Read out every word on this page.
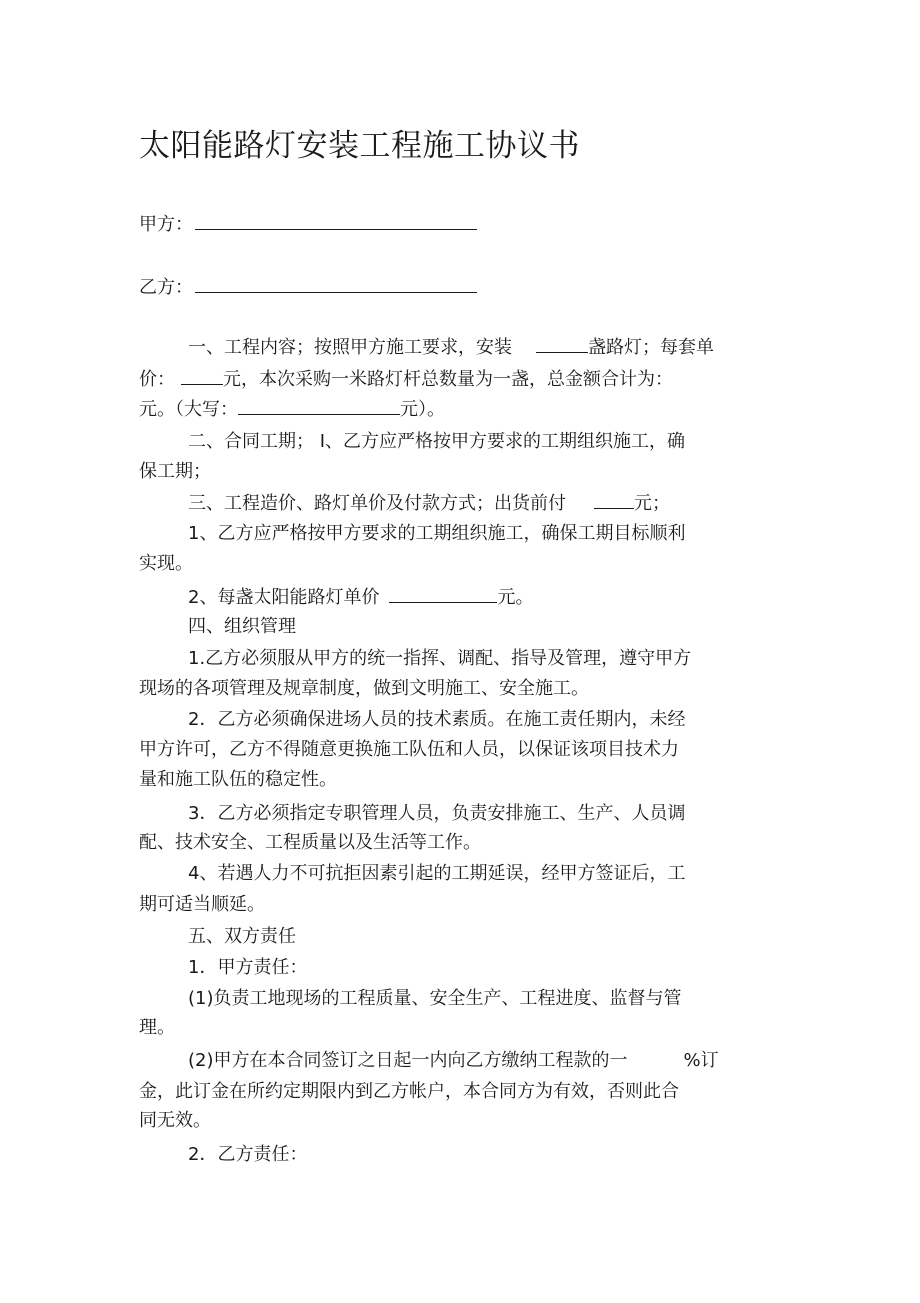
太阳能路灯安装工程施工协议书
甲方：
乙方：
一、工程内容；按照甲方施工要求，安装	盏路灯；每套单
价：	元，本次采购一米路灯杆总数量为一盏，总金额合计为：
元。（大写：	元）。
二、合同工期； I、乙方应严格按甲方要求的工期组织施工，确
保工期；
三、工程造价、路灯单价及付款方式；出货前付	元；
1、乙方应严格按甲方要求的工期组织施工，确保工期目标顺利
实现。
2、每盏太阳能路灯单价	元。
四、组织管理
1.乙方必须服从甲方的统一指挥、调配、指导及管理，遵守甲方
现场的各项管理及规章制度，做到文明施工、安全施工。
2．乙方必须确保进场人员的技术素质。在施工责任期内，未经
甲方许可，乙方不得随意更换施工队伍和人员，以保证该项目技术力
量和施工队伍的稳定性。
3．乙方必须指定专职管理人员，负责安排施工、生产、人员调
配、技术安全、工程质量以及生活等工作。
4、若遇人力不可抗拒因素引起的工期延误，经甲方签证后，工
期可适当顺延。
五、双方责任
1．甲方责任：
(1)负责工地现场的工程质量、安全生产、工程进度、监督与管
理。
(2)甲方在本合同签订之日起一内向乙方缴纳工程款的一	%订
金，此订金在所约定期限内到乙方帐户，本合同方为有效，否则此合
同无效。
2．乙方责任：
